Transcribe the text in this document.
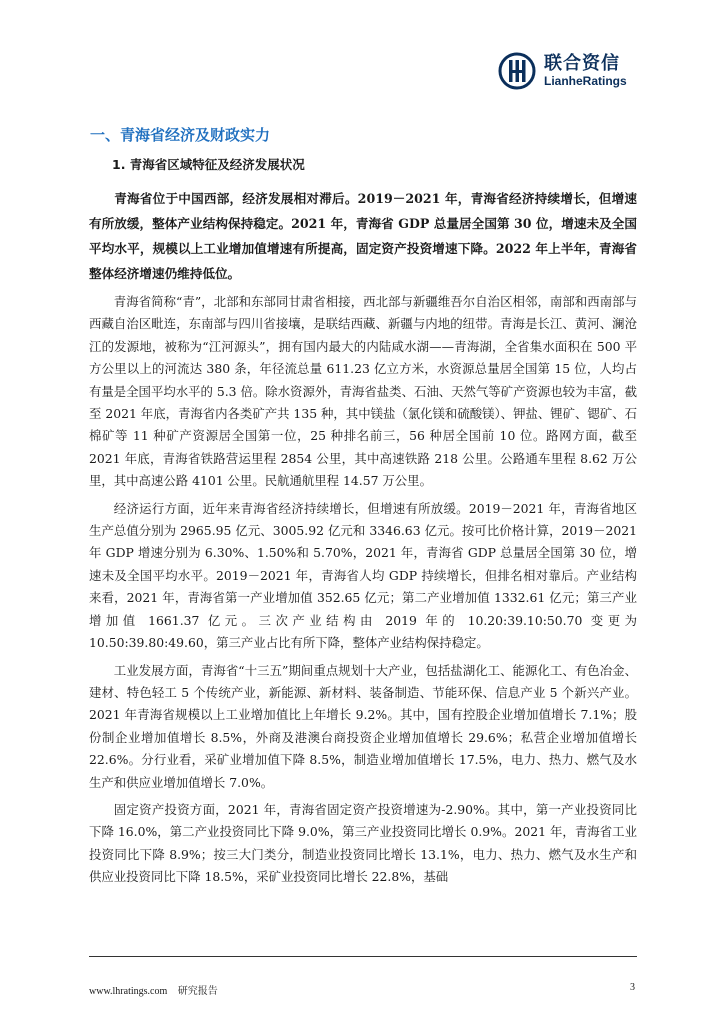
联合资信
LianheRatings
一、青海省经济及财政实力
1. 青海省区域特征及经济发展状况

青海省位于中国西部，经济发展相对滞后。2019－2021 年，青海省经济持续增长，但增速有所放缓，整体产业结构保持稳定。2021 年，青海省 GDP 总量居全国第 30 位，增速未及全国平均水平，规模以上工业增加值增速有所提高，固定资产投资增速下降。2022 年上半年，青海省整体经济增速仍维持低位。

青海省简称“青”，北部和东部同甘肃省相接，西北部与新疆维吾尔自治区相邻，南部和西南部与西藏自治区毗连，东南部与四川省接壤，是联结西藏、新疆与内地的纽带。青海是长江、黄河、澜沧江的发源地，被称为“江河源头”，拥有国内最大的内陆咸水湖——青海湖，全省集水面积在 500 平方公里以上的河流达 380 条，年径流总量 611.23 亿立方米，水资源总量居全国第 15 位，人均占有量是全国平均水平的 5.3 倍。除水资源外，青海省盐类、石油、天然气等矿产资源也较为丰富，截至 2021 年底，青海省内各类矿产共 135 种，其中镁盐（氯化镁和硫酸镁）、钾盐、锂矿、锶矿、石棉矿等 11 种矿产资源居全国第一位，25 种排名前三，56 种居全国前 10 位。路网方面，截至 2021 年底，青海省铁路营运里程 2854 公里，其中高速铁路 218 公里。公路通车里程 8.62 万公里，其中高速公路 4101 公里。民航通航里程 14.57 万公里。

经济运行方面，近年来青海省经济持续增长，但增速有所放缓。2019－2021 年，青海省地区生产总值分别为 2965.95 亿元、3005.92 亿元和 3346.63 亿元。按可比价格计算，2019－2021 年 GDP 增速分别为 6.30%、1.50%和 5.70%，2021 年，青海省 GDP 总量居全国第 30 位，增速未及全国平均水平。2019－2021 年，青海省人均 GDP 持续增长，但排名相对靠后。产业结构来看，2021 年，青海省第一产业增加值 352.65 亿元；第二产业增加值 1332.61 亿元；第三产业增加值 1661.37 亿元。三次产业结构由 2019 年的 10.20:39.10:50.70 变更为 10.50:39.80:49.60，第三产业占比有所下降，整体产业结构保持稳定。

工业发展方面，青海省“十三五”期间重点规划十大产业，包括盐湖化工、能源化工、有色冶金、建材、特色轻工 5 个传统产业，新能源、新材料、装备制造、节能环保、信息产业 5 个新兴产业。2021 年青海省规模以上工业增加值比上年增长 9.2%。其中，国有控股企业增加值增长 7.1%；股份制企业增加值增长 8.5%，外商及港澳台商投资企业增加值增长 29.6%；私营企业增加值增长 22.6%。分行业看，采矿业增加值下降 8.5%，制造业增加值增长 17.5%，电力、热力、燃气及水生产和供应业增加值增长 7.0%。

固定资产投资方面，2021 年，青海省固定资产投资增速为-2.90%。其中，第一产业投资同比下降 16.0%，第二产业投资同比下降 9.0%，第三产业投资同比增长 0.9%。2021 年，青海省工业投资同比下降 8.9%；按三大门类分，制造业投资同比增长 13.1%，电力、热力、燃气及水生产和供应业投资同比下降 18.5%，采矿业投资同比增长 22.8%，基础

www.lhratings.com 研究报告	3
